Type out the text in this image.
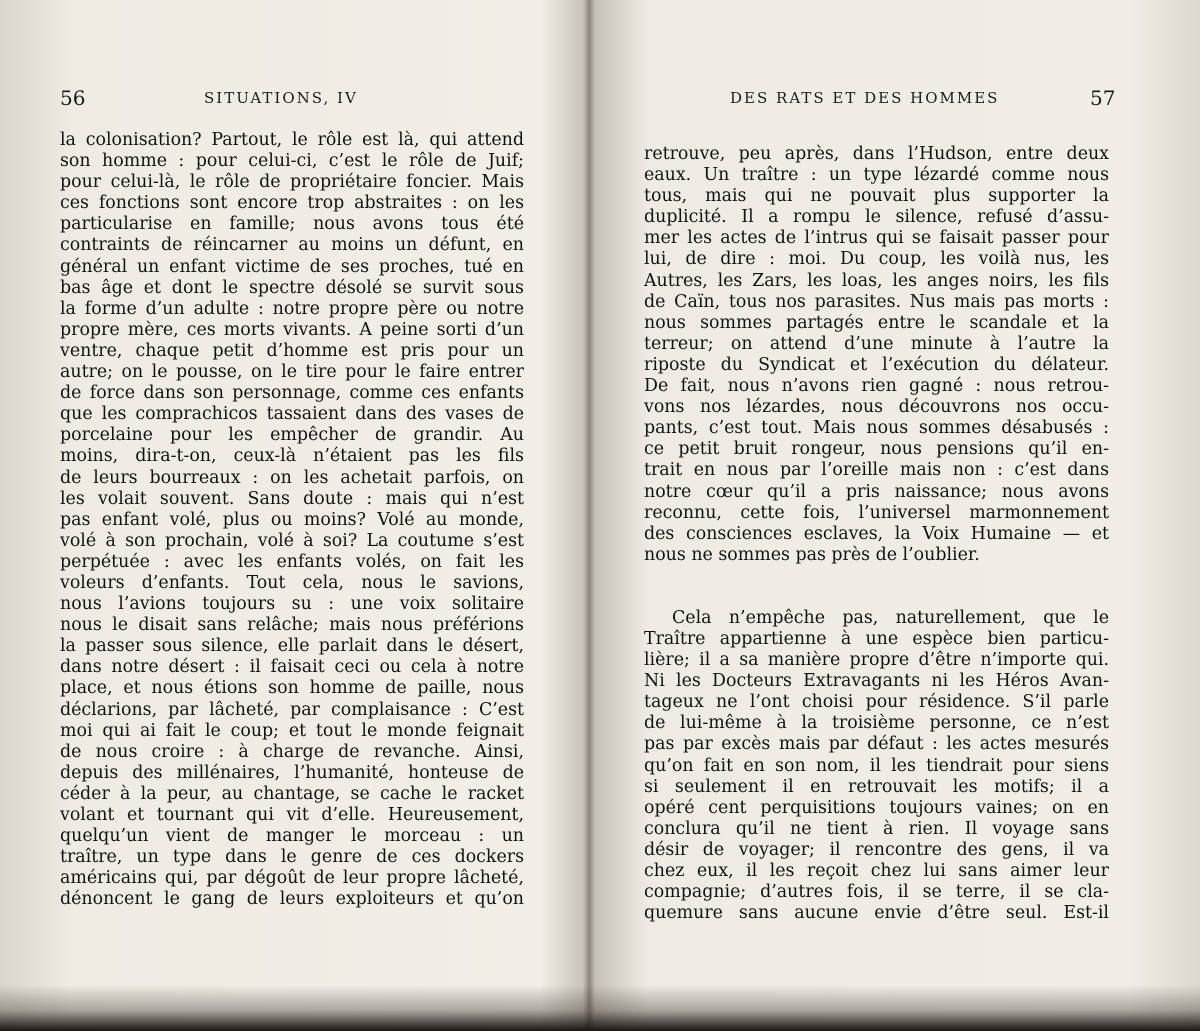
56	SITUATIONS, IV
la colonisation? Partout, le rôle est là, qui attend
son homme : pour celui-ci, c’est le rôle de Juif;
pour celui-là, le rôle de propriétaire foncier. Mais
ces fonctions sont encore trop abstraites : on les
particularise en famille; nous avons tous été
contraints de réincarner au moins un défunt, en
général un enfant victime de ses proches, tué en
bas âge et dont le spectre désolé se survit sous
la forme d’un adulte : notre propre père ou notre
propre mère, ces morts vivants. A peine sorti d’un
ventre, chaque petit d’homme est pris pour un
autre; on le pousse, on le tire pour le faire entrer
de force dans son personnage, comme ces enfants
que les comprachicos tassaient dans des vases de
porcelaine pour les empêcher de grandir. Au
moins, dira-t-on, ceux-là n’étaient pas les fils
de leurs bourreaux : on les achetait parfois, on
les volait souvent. Sans doute : mais qui n’est
pas enfant volé, plus ou moins? Volé au monde,
volé à son prochain, volé à soi? La coutume s’est
perpétuée : avec les enfants volés, on fait les
voleurs d’enfants. Tout cela, nous le savions,
nous l’avions toujours su : une voix solitaire
nous le disait sans relâche; mais nous préférions
la passer sous silence, elle parlait dans le désert,
dans notre désert : il faisait ceci ou cela à notre
place, et nous étions son homme de paille, nous
déclarions, par lâcheté, par complaisance : C’est
moi qui ai fait le coup; et tout le monde feignait
de nous croire : à charge de revanche. Ainsi,
depuis des millénaires, l’humanité, honteuse de
céder à la peur, au chantage, se cache le racket
volant et tournant qui vit d’elle. Heureusement,
quelqu’un vient de manger le morceau : un
traître, un type dans le genre de ces dockers
américains qui, par dégoût de leur propre lâcheté,
dénoncent le gang de leurs exploiteurs et qu’on
DES RATS ET DES HOMMES	57
retrouve, peu après, dans l’Hudson, entre deux
eaux. Un traître : un type lézardé comme nous
tous, mais qui ne pouvait plus supporter la
duplicité. Il a rompu le silence, refusé d’assu-
mer les actes de l’intrus qui se faisait passer pour
lui, de dire : moi. Du coup, les voilà nus, les
Autres, les Zars, les loas, les anges noirs, les fils
de Caïn, tous nos parasites. Nus mais pas morts :
nous sommes partagés entre le scandale et la
terreur; on attend d’une minute à l’autre la
riposte du Syndicat et l’exécution du délateur.
De fait, nous n’avons rien gagné : nous retrou-
vons nos lézardes, nous découvrons nos occu-
pants, c’est tout. Mais nous sommes désabusés :
ce petit bruit rongeur, nous pensions qu’il en-
trait en nous par l’oreille mais non : c’est dans
notre cœur qu’il a pris naissance; nous avons
reconnu, cette fois, l’universel marmonnement
des consciences esclaves, la Voix Humaine — et
nous ne sommes pas près de l’oublier.
Cela n’empêche pas, naturellement, que le
Traître appartienne à une espèce bien particu-
lière; il a sa manière propre d’être n’importe qui.
Ni les Docteurs Extravagants ni les Héros Avan-
tageux ne l’ont choisi pour résidence. S’il parle
de lui-même à la troisième personne, ce n’est
pas par excès mais par défaut : les actes mesurés
qu’on fait en son nom, il les tiendrait pour siens
si seulement il en retrouvait les motifs; il a
opéré cent perquisitions toujours vaines; on en
conclura qu’il ne tient à rien. Il voyage sans
désir de voyager; il rencontre des gens, il va
chez eux, il les reçoit chez lui sans aimer leur
compagnie; d’autres fois, il se terre, il se cla-
quemure sans aucune envie d’être seul. Est-il
